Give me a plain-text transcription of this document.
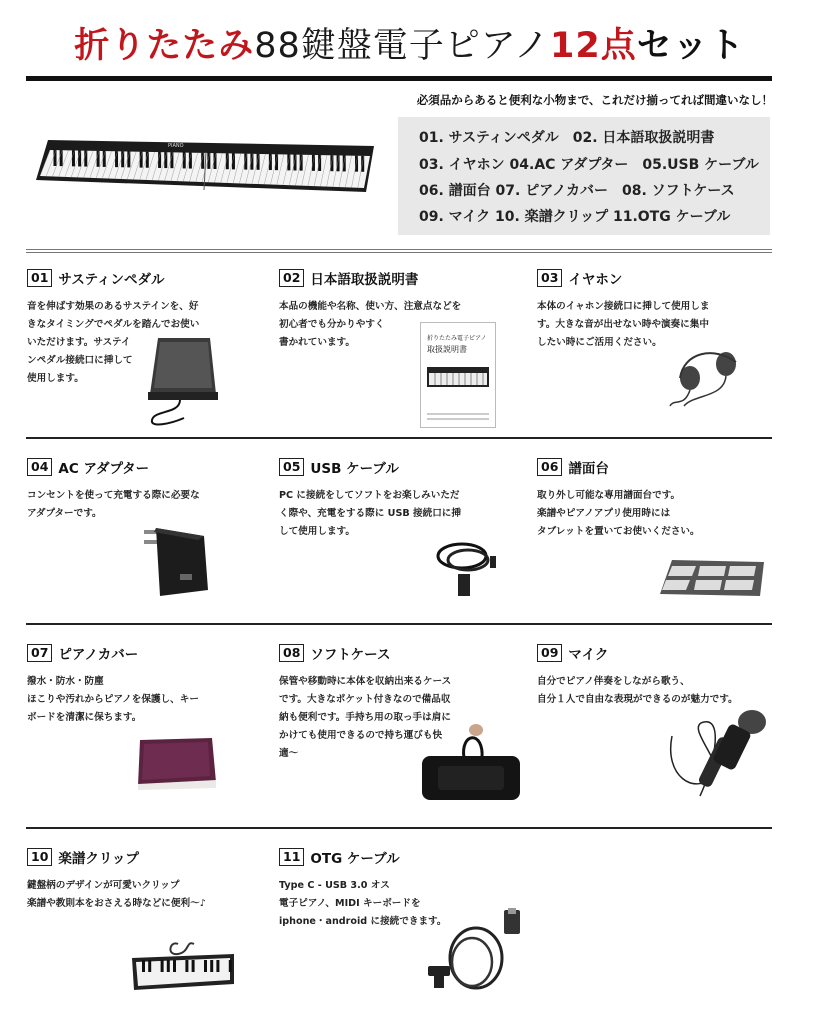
折りたたみ88鍵盤電子ピアノ12点セット
必須品からあると便利な小物まで、これだけ揃ってれば間違いなし！
PIANO	01. サスティンペダル　02. 日本語取扱説明書
03. イヤホン 04.AC アダプター　05.USB ケーブル
06. 譜面台 07. ピアノカバー　08. ソフトケース
09. マイク 10. 楽譜クリップ 11.OTG ケーブル
01 サスティンペダル
音を伸ばす効果のあるサステインを、好
きなタイミングでペダルを踏んでお使い
いただけます。サステイ
ンペダル接続口に挿して
使用します。
02 日本語取扱説明書
本品の機能や名称、使い方、注意点などを
初心者でも分かりやすく
書かれています。	折りたたみ電子ピアノ
取扱説明書
03 イヤホン
本体のイャホン接続口に挿して使用しま
す。大きな音が出せない時や演奏に集中
したい時にご活用ください。
04 AC アダプター
コンセントを使って充電する際に必要な
アダプターです。
05 USB ケーブル
PC に接続をしてソフトをお楽しみいただ
く際や、充電をする際に USB 接続口に挿
して使用します。
06 譜面台
取り外し可能な専用譜面台です。
楽譜やピアノアプリ使用時には
タブレットを置いてお使いください。
07 ピアノカバー
撥水・防水・防塵
ほこりや汚れからピアノを保護し、キー
ボードを清潔に保ちます。
08 ソフトケース
保管や移動時に本体を収納出来るケース
です。大きなポケット付きなので備品収
納も便利です。手持ち用の取っ手は肩に
かけても使用できるので持ち運びも快
適～
09 マイク
自分でピアノ伴奏をしながら歌う、
自分１人で自由な表現ができるのが魅力です。
10 楽譜クリップ
鍵盤柄のデザインが可愛いクリップ
楽譜や教則本をおさえる時などに便利～♪
11 OTG ケーブル
Type C - USB 3.0 オス
電子ピアノ、MIDI キーボードを
iphone・android に接続できます。
